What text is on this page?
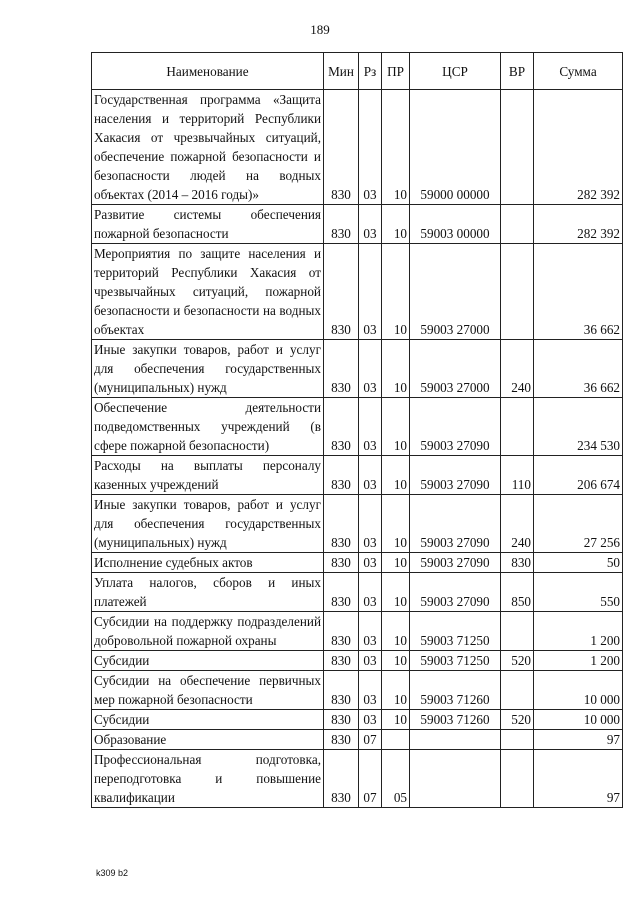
189
Наименование	Мин	Рз	ПР	ЦСР	ВР	Сумма
Государственная программа «Защита населения и территорий Республики Хакасия от чрезвычайных ситуаций, обеспечение пожарной безопасности и безопасности людей на водных объектах (2014 – 2016 годы)»	830	03	10	59000 00000		282 392
Развитие системы обеспечения пожарной безопасности	830	03	10	59003 00000		282 392
Мероприятия по защите населения и территорий Республики Хакасия от чрезвычайных ситуаций, пожарной безопасности и безопасности на водных объектах	830	03	10	59003 27000		36 662
Иные закупки товаров, работ и услуг для обеспечения государственных (муниципальных) нужд	830	03	10	59003 27000	240	36 662
Обеспечение деятельности подведомственных учреждений (в сфере пожарной безопасности)	830	03	10	59003 27090		234 530
Расходы на выплаты персоналу казенных учреждений	830	03	10	59003 27090	110	206 674
Иные закупки товаров, работ и услуг для обеспечения государственных (муниципальных) нужд	830	03	10	59003 27090	240	27 256
Исполнение судебных актов	830	03	10	59003 27090	830	50
Уплата налогов, сборов и иных платежей	830	03	10	59003 27090	850	550
Субсидии на поддержку подразделений добровольной пожарной охраны	830	03	10	59003 71250		1 200
Субсидии	830	03	10	59003 71250	520	1 200
Субсидии на обеспечение первичных мер пожарной безопасности	830	03	10	59003 71260		10 000
Субсидии	830	03	10	59003 71260	520	10 000
Образование	830	07				97
Профессиональная подготовка, переподготовка и повышение квалификации	830	07	05			97
k309 b2
